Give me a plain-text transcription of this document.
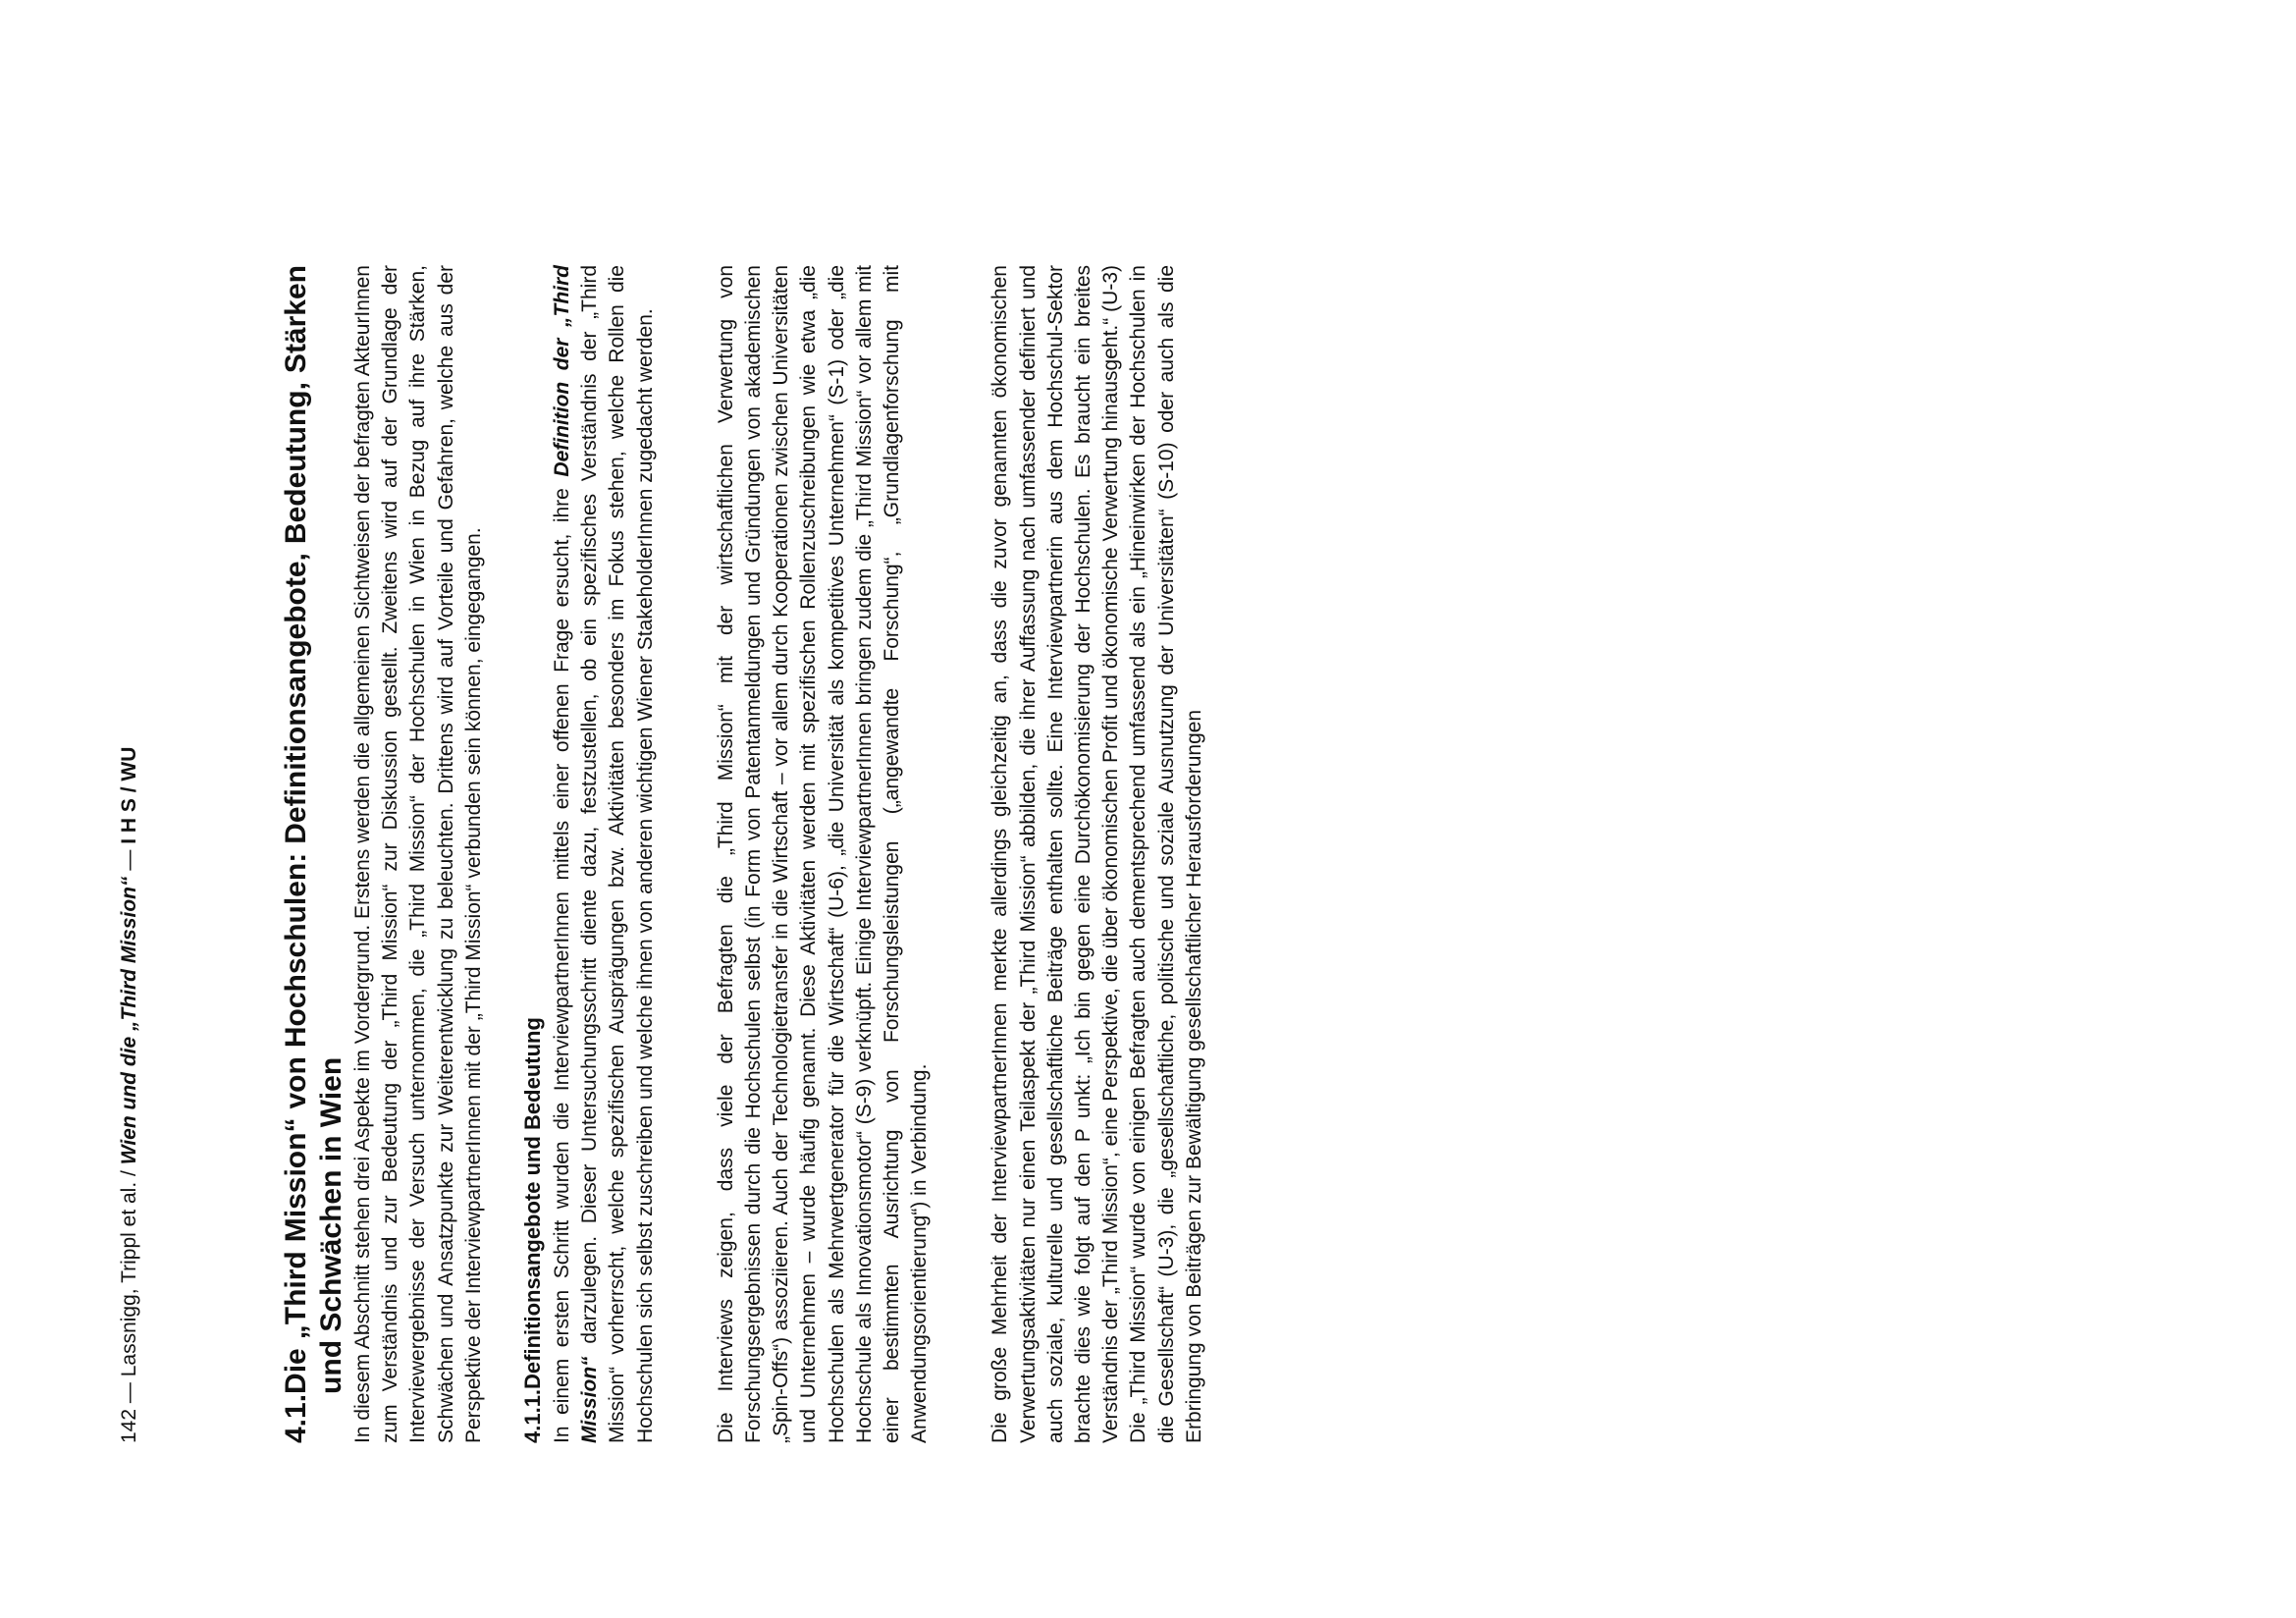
142 — Lassnigg, Trippl et al. / Wien und die „Third Mission“ — I H S / WU
4.1.
Die „Third Mission“ von Hochschulen: Definitionsangebote, Bedeutung, Stärken und Schwächen in Wien In diesem Abschnitt stehen drei Aspekte im Vordergrund. Erstens werden die allgemeinen Sichtweisen der befragten AkteurInnen zum Verständnis und zur Bedeutung der „Third Mission“ zur Diskussion gestellt. Zweitens wird auf der Grundlage der Interviewergebnisse der Versuch unternommen, die „Third Mission“ der Hochschulen in Wien in Bezug auf ihre Stärken, Schwächen und Ansatzpunkte zur Weiterentwicklung zu beleuchten. Drittens wird auf Vorteile und Gefahren, welche aus der Perspektive der InterviewpartnerInnen mit der „Third Mission“ verbunden sein können, eingegangen. 4.1.1.
Definitionsangebote und Bedeutung In einem ersten Schritt wurden die InterviewpartnerInnen mittels einer offenen Frage ersucht, ihre Definition der „Third Mission“ darzulegen. Dieser Untersuchungsschritt diente dazu, festzustellen, ob ein spezifisches Verständnis der „Third Mission“ vorherrscht, welche spezifischen Ausprägungen bzw. Aktivitäten besonders im Fokus stehen, welche Rollen die Hochschulen sich selbst zuschreiben und welche ihnen von anderen wichtigen Wiener StakeholderInnen zugedacht werden.	Die Interviews zeigen, dass viele der Befragten die „Third Mission“ mit der wirtschaftlichen Verwertung von Forschungsergebnissen durch die Hochschulen selbst (in Form von Patentanmeldungen und Gründungen von akademischen „Spin-Offs“) assoziieren. Auch der Technologietransfer in die Wirtschaft – vor allem durch Kooperationen zwischen Universitäten und Unternehmen – wurde häufig genannt. Diese Aktivitäten werden mit spezifischen Rollenzuschreibungen wie etwa „die Hochschulen als Mehrwertgenerator für die Wirtschaft“ (U-6), „die Universität als kompetitives Unternehmen“ (S-1) oder „die Hochschule als Innovationsmotor“ (S-9) verknüpft. Einige InterviewpartnerInnen bringen zudem die „Third Mission“ vor allem mit einer bestimmten Ausrichtung von Forschungsleistungen („angewandte Forschung“, „Grundlagenforschung mit Anwendungsorientierung“) in Verbindung.	Die große Mehrheit der InterviewpartnerInnen merkte allerdings gleichzeitig an, dass die zuvor genannten ökonomischen Verwertungsaktivitäten nur einen Teilaspekt der „Third Mission“ abbilden, die ihrer Auffassung nach umfassender definiert und auch soziale, kulturelle und gesellschaftliche Beiträge enthalten sollte. Eine Interviewpartnerin aus dem Hochschul-Sektor brachte dies wie folgt auf den P unkt: „Ich bin gegen eine Durchökonomisierung der Hochschulen. Es braucht ein breites Verständnis der „Third Mission“, eine Perspektive, die über ökonomischen Profit und ökonomische Verwertung hinausgeht.“ (U-3) Die „Third Mission“ wurde von einigen Befragten auch dementsprechend umfassend als ein „Hineinwirken der Hochschulen in die Gesellschaft“ (U-3), die „gesellschaftliche, politische und soziale Ausnutzung der Universitäten“ (S-10) oder auch als die Erbringung von Beiträgen zur Bewältigung gesellschaftlicher Herausforderungen
